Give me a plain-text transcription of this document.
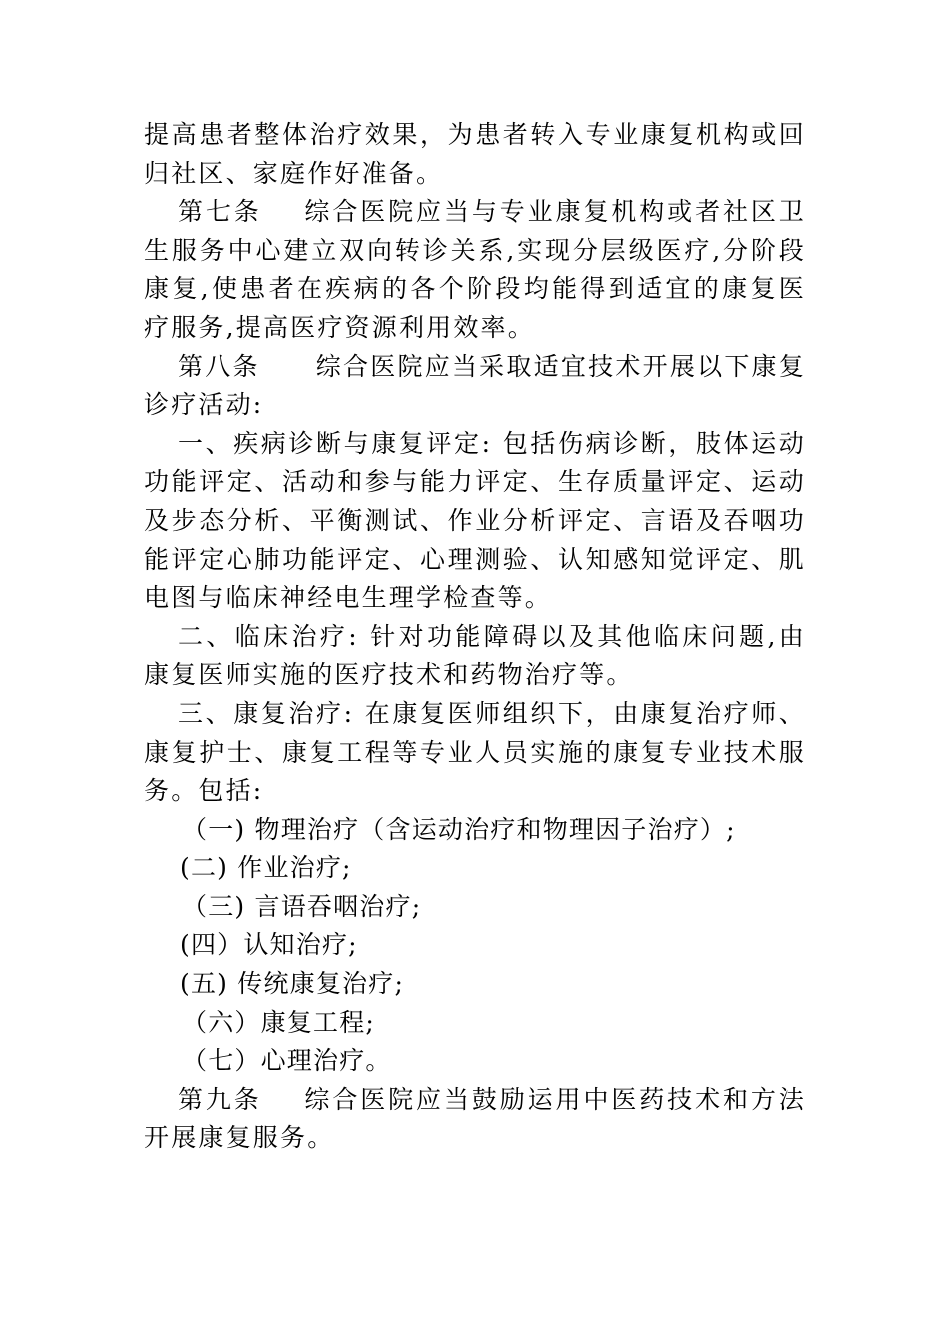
提高患者整体治疗效果，为患者转入专业康复机构或回归社区、家庭作好准备。

第七条 综合医院应当与专业康复机构或者社区卫生服务中心建立双向转诊关系,实现分层级医疗,分阶段康复,使患者在疾病的各个阶段均能得到适宜的康复医疗服务,提高医疗资源利用效率。

第八条 综合医院应当采取适宜技术开展以下康复诊疗活动:

一、疾病诊断与康复评定: 包括伤病诊断，肢体运动功能评定、活动和参与能力评定、生存质量评定、运动及步态分析、平衡测试、作业分析评定、言语及吞咽功能评定心肺功能评定、心理测验、认知感知觉评定、肌电图与临床神经电生理学检查等。

二、临床治疗: 针对功能障碍以及其他临床问题,由康复医师实施的医疗技术和药物治疗等。

三、康复治疗: 在康复医师组织下，由康复治疗师、康复护士、康复工程等专业人员实施的康复专业技术服务。包括:

（一) 物理治疗（含运动治疗和物理因子治疗）;

(二) 作业治疗;

（三) 言语吞咽治疗;

(四）认知治疗;

(五) 传统康复治疗;

（六）康复工程;

（七）心理治疗。

第九条 综合医院应当鼓励运用中医药技术和方法开展康复服务。
